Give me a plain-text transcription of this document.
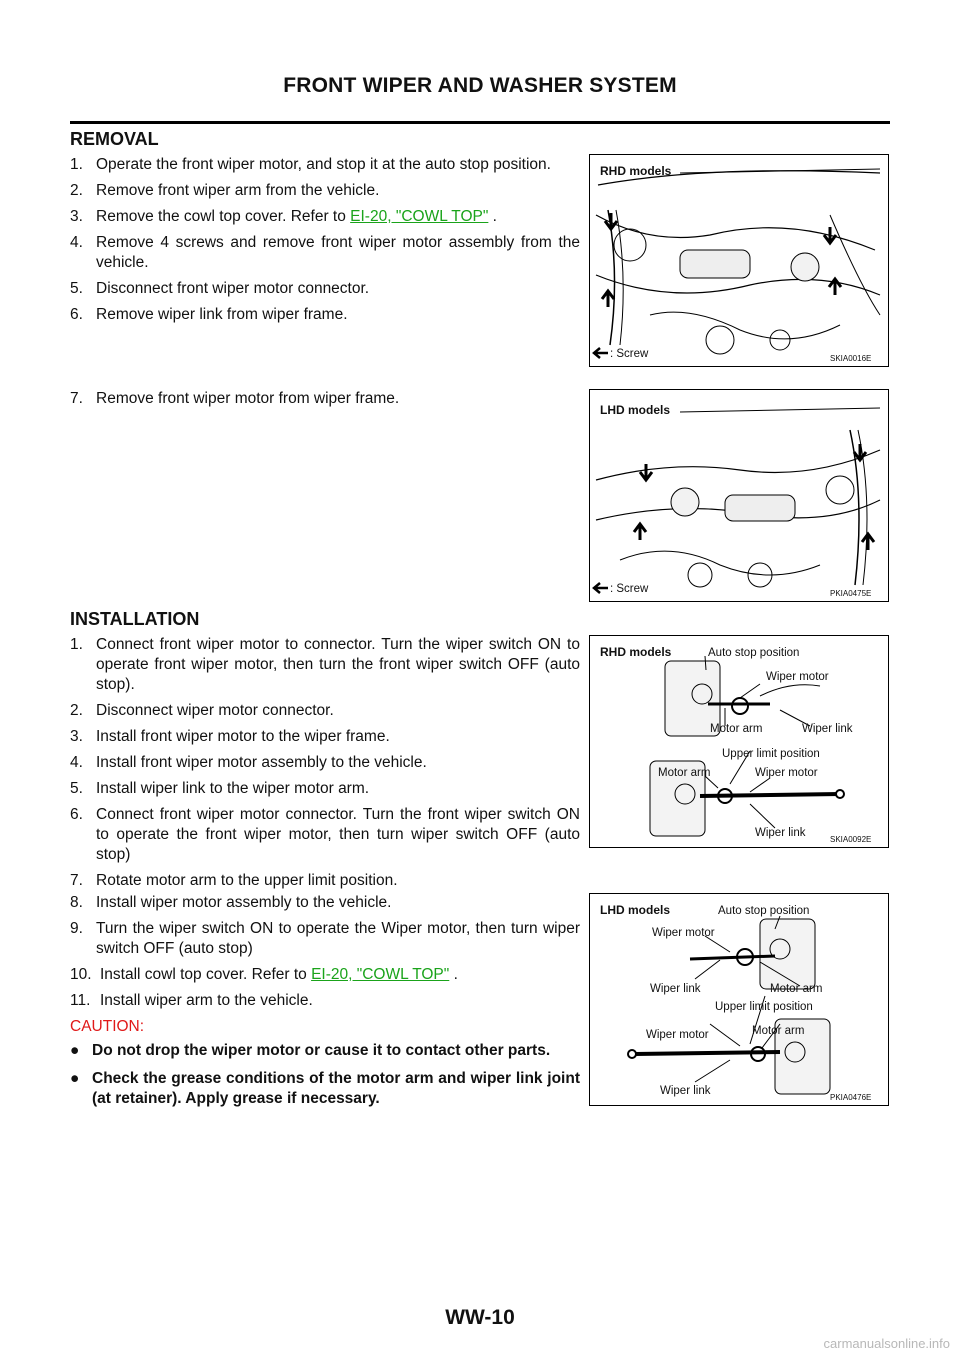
FRONT WIPER AND WASHER SYSTEM
REMOVAL
1. Operate the front wiper motor, and stop it at the auto stop position.
2. Remove front wiper arm from the vehicle.
3. Remove the cowl top cover. Refer to EI-20, "COWL TOP" .
4. Remove 4 screws and remove front wiper motor assembly from the vehicle.
5. Disconnect front wiper motor connector.
6. Remove wiper link from wiper frame.
7. Remove front wiper motor from wiper frame.
INSTALLATION
1. Connect front wiper motor to connector. Turn the wiper switch ON to operate front wiper motor, then turn the front wiper switch OFF (auto stop).
2. Disconnect wiper motor connector.
3. Install front wiper motor to the wiper frame.
4. Install front wiper motor assembly to the vehicle.
5. Install wiper link to the wiper motor arm.
6. Connect front wiper motor connector. Turn the front wiper switch ON to operate the front wiper motor, then turn wiper switch OFF (auto stop)
7. Rotate motor arm to the upper limit position.
8. Install wiper motor assembly to the vehicle.
9. Turn the wiper switch ON to operate the Wiper motor, then turn wiper switch OFF (auto stop)
10. Install cowl top cover. Refer to EI-20, "COWL TOP" .
11. Install wiper arm to the vehicle.
CAUTION:
● Do not drop the wiper motor or cause it to contact other parts.
● Check the grease conditions of the motor arm and wiper link joint (at retainer). Apply grease if necessary.
RHD models
: Screw	SKIA0016E
LHD models
: Screw	PKIA0475E
RHD models	Auto stop position
Wiper motor
Motor arm	Wiper link
Upper limit position
Motor arm	Wiper motor
Wiper link
SKIA0092E
LHD models	Auto stop position
Wiper motor
Wiper link	Motor arm
Upper limit position
Wiper motor	Motor arm
Wiper link
PKIA0476E
WW-10
carmanualsonline.info
